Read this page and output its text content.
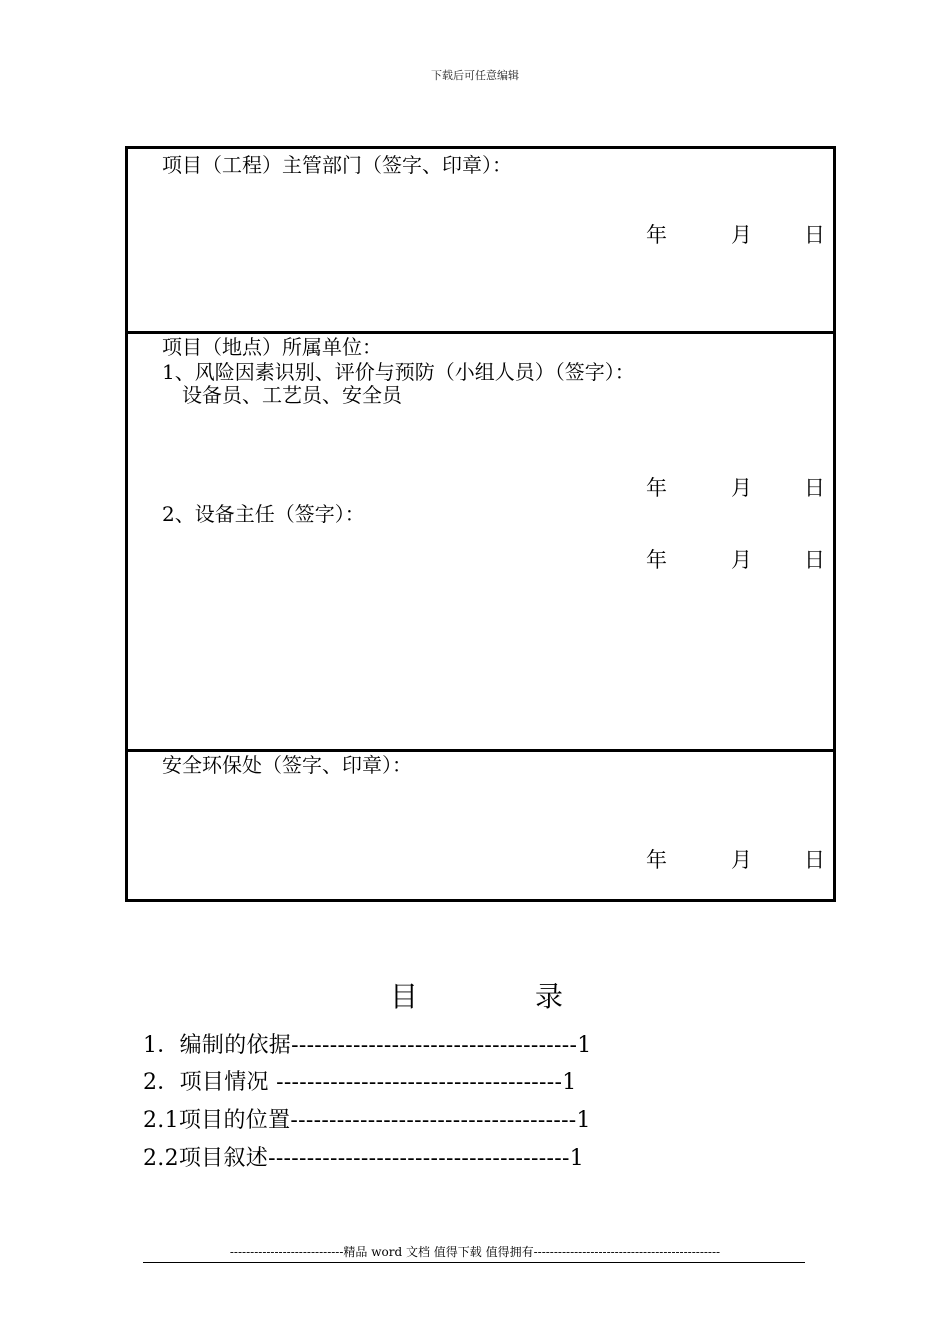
下载后可任意编辑
项目（工程）主管部门（签字、印章）：
年	月 日
项目（地点）所属单位：
1、风险因素识别、评价与预防（小组人员）（签字）：
设备员、工艺员、安全员
年	月 日
2、设备主任（签字）：
年	月 日
安全环保处（签字、印章）：
年	月 日
目	录
1．编制的依据-------------------------------------1
2．项目情况 -------------------------------------1
2.1项目的位置-------------------------------------1
2.2项目叙述---------------------------------------1
----------------------------精品 word 文档 值得下载 值得拥有----------------------------------------------
